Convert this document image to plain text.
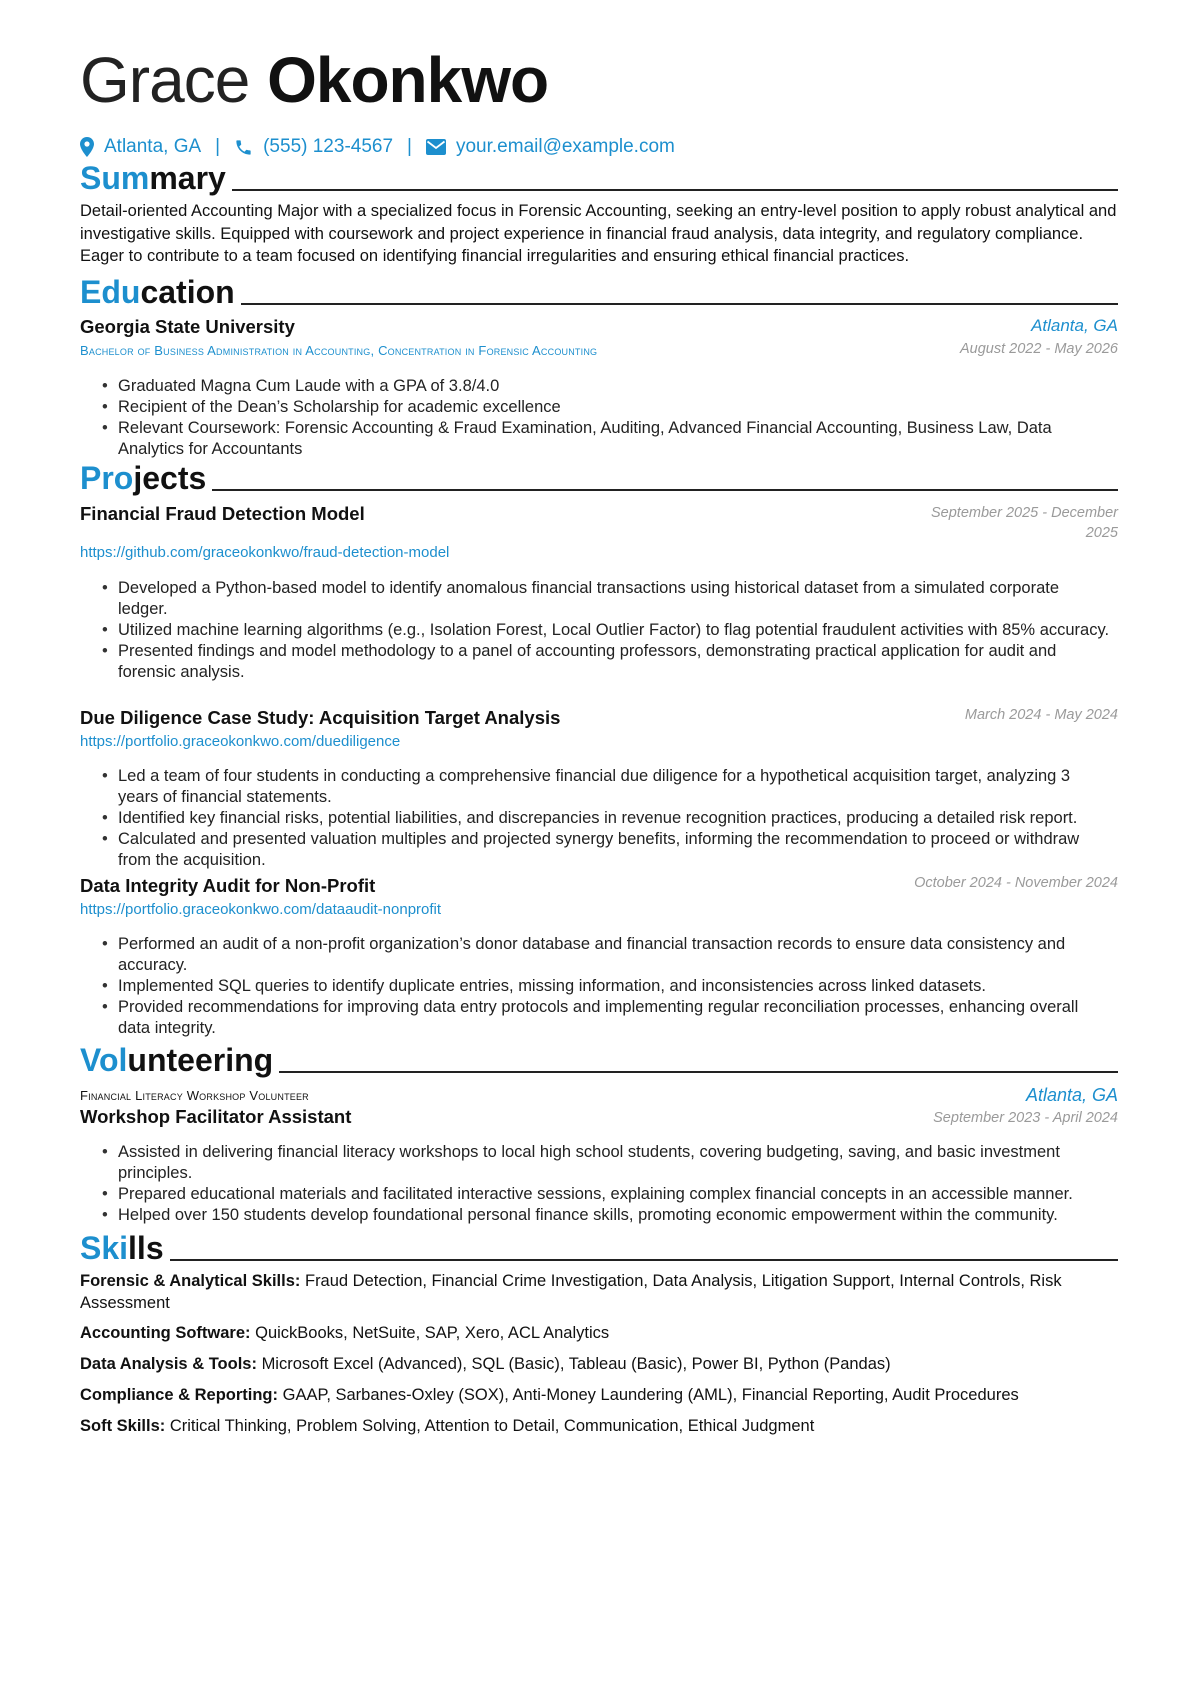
Grace Okonkwo
Atlanta, GA | (555) 123-4567 | your.email@example.com
Summary
Detail-oriented Accounting Major with a specialized focus in Forensic Accounting, seeking an entry-level position to apply robust analytical and investigative skills. Equipped with coursework and project experience in financial fraud analysis, data integrity, and regulatory compliance. Eager to contribute to a team focused on identifying financial irregularities and ensuring ethical financial practices.
Education
Georgia State University	Atlanta, GA
Bachelor of Business Administration in Accounting, Concentration in Forensic Accounting	August 2022 - May 2026
• Graduated Magna Cum Laude with a GPA of 3.8/4.0
• Recipient of the Dean’s Scholarship for academic excellence
• Relevant Coursework: Forensic Accounting & Fraud Examination, Auditing, Advanced Financial Accounting, Business Law, Data Analytics for Accountants
Projects
Financial Fraud Detection Model	September 2025 - December 2025
https://github.com/graceokonkwo/fraud-detection-model
• Developed a Python-based model to identify anomalous financial transactions using historical dataset from a simulated corporate ledger.
• Utilized machine learning algorithms (e.g., Isolation Forest, Local Outlier Factor) to flag potential fraudulent activities with 85% accuracy.
• Presented findings and model methodology to a panel of accounting professors, demonstrating practical application for audit and forensic analysis.
Due Diligence Case Study: Acquisition Target Analysis	March 2024 - May 2024
https://portfolio.graceokonkwo.com/duediligence
• Led a team of four students in conducting a comprehensive financial due diligence for a hypothetical acquisition target, analyzing 3 years of financial statements.
• Identified key financial risks, potential liabilities, and discrepancies in revenue recognition practices, producing a detailed risk report.
• Calculated and presented valuation multiples and projected synergy benefits, informing the recommendation to proceed or withdraw from the acquisition.
Data Integrity Audit for Non-Profit	October 2024 - November 2024
https://portfolio.graceokonkwo.com/dataaudit-nonprofit
• Performed an audit of a non-profit organization’s donor database and financial transaction records to ensure data consistency and accuracy.
• Implemented SQL queries to identify duplicate entries, missing information, and inconsistencies across linked datasets.
• Provided recommendations for improving data entry protocols and implementing regular reconciliation processes, enhancing overall data integrity.
Volunteering
Financial Literacy Workshop Volunteer	Atlanta, GA
Workshop Facilitator Assistant	September 2023 - April 2024
• Assisted in delivering financial literacy workshops to local high school students, covering budgeting, saving, and basic investment principles.
• Prepared educational materials and facilitated interactive sessions, explaining complex financial concepts in an accessible manner.
• Helped over 150 students develop foundational personal finance skills, promoting economic empowerment within the community.
Skills
Forensic & Analytical Skills: Fraud Detection, Financial Crime Investigation, Data Analysis, Litigation Support, Internal Controls, Risk Assessment
Accounting Software: QuickBooks, NetSuite, SAP, Xero, ACL Analytics
Data Analysis & Tools: Microsoft Excel (Advanced), SQL (Basic), Tableau (Basic), Power BI, Python (Pandas)
Compliance & Reporting: GAAP, Sarbanes-Oxley (SOX), Anti-Money Laundering (AML), Financial Reporting, Audit Procedures
Soft Skills: Critical Thinking, Problem Solving, Attention to Detail, Communication, Ethical Judgment
